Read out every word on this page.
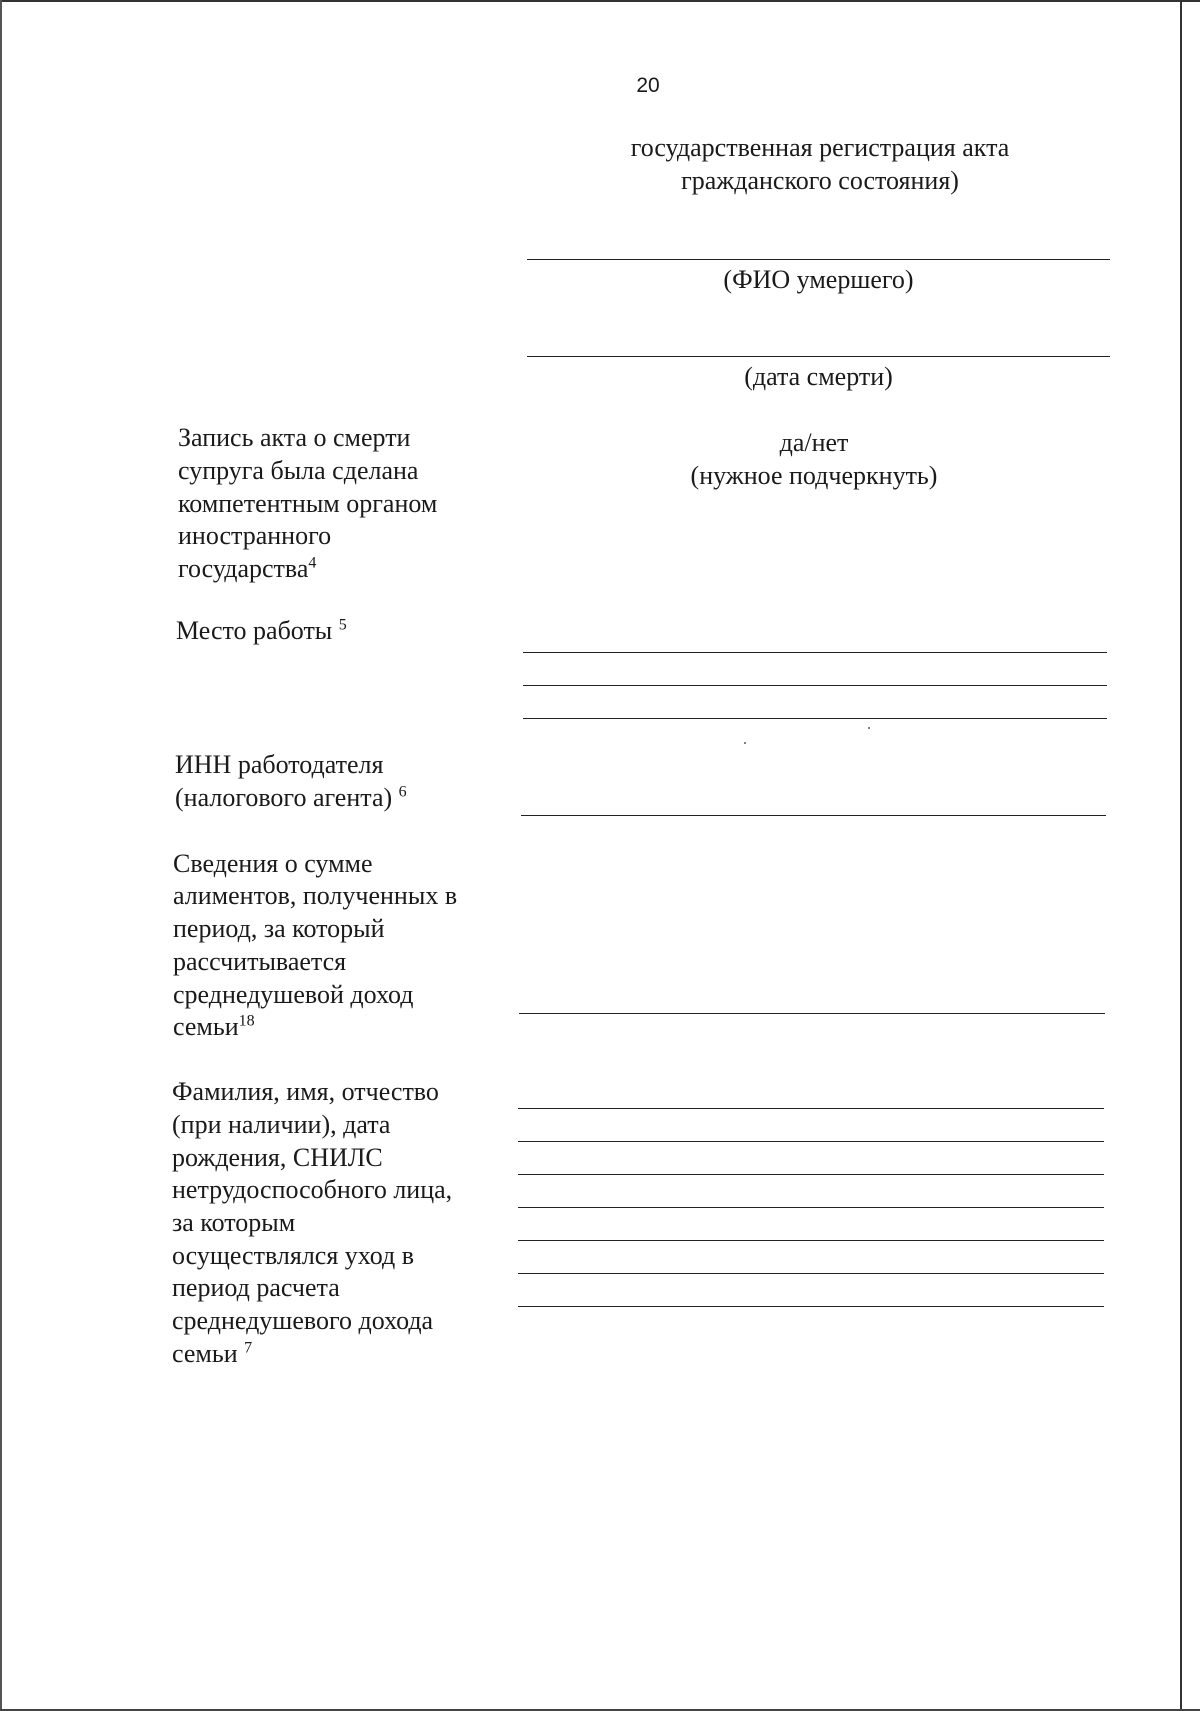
20
государственная регистрация акта
гражданского состояния)
(ФИО умершего)
(дата смерти)
Запись акта о смерти
супруга была сделана
компетентным органом
иностранного
государства$^4$
да/нет
(нужное подчеркнуть)
Место работы $^5$
ИНН работодателя
(налогового агента) $^6$
Сведения о сумме
алиментов, полученных в
период, за который
рассчитывается
среднедушевой доход
семьи$^{18}$
Фамилия, имя, отчество
(при наличии), дата
рождения, СНИЛС
нетрудоспособного лица,
за которым
осуществлялся уход в
период расчета
среднедушевого дохода
семьи $^7$
